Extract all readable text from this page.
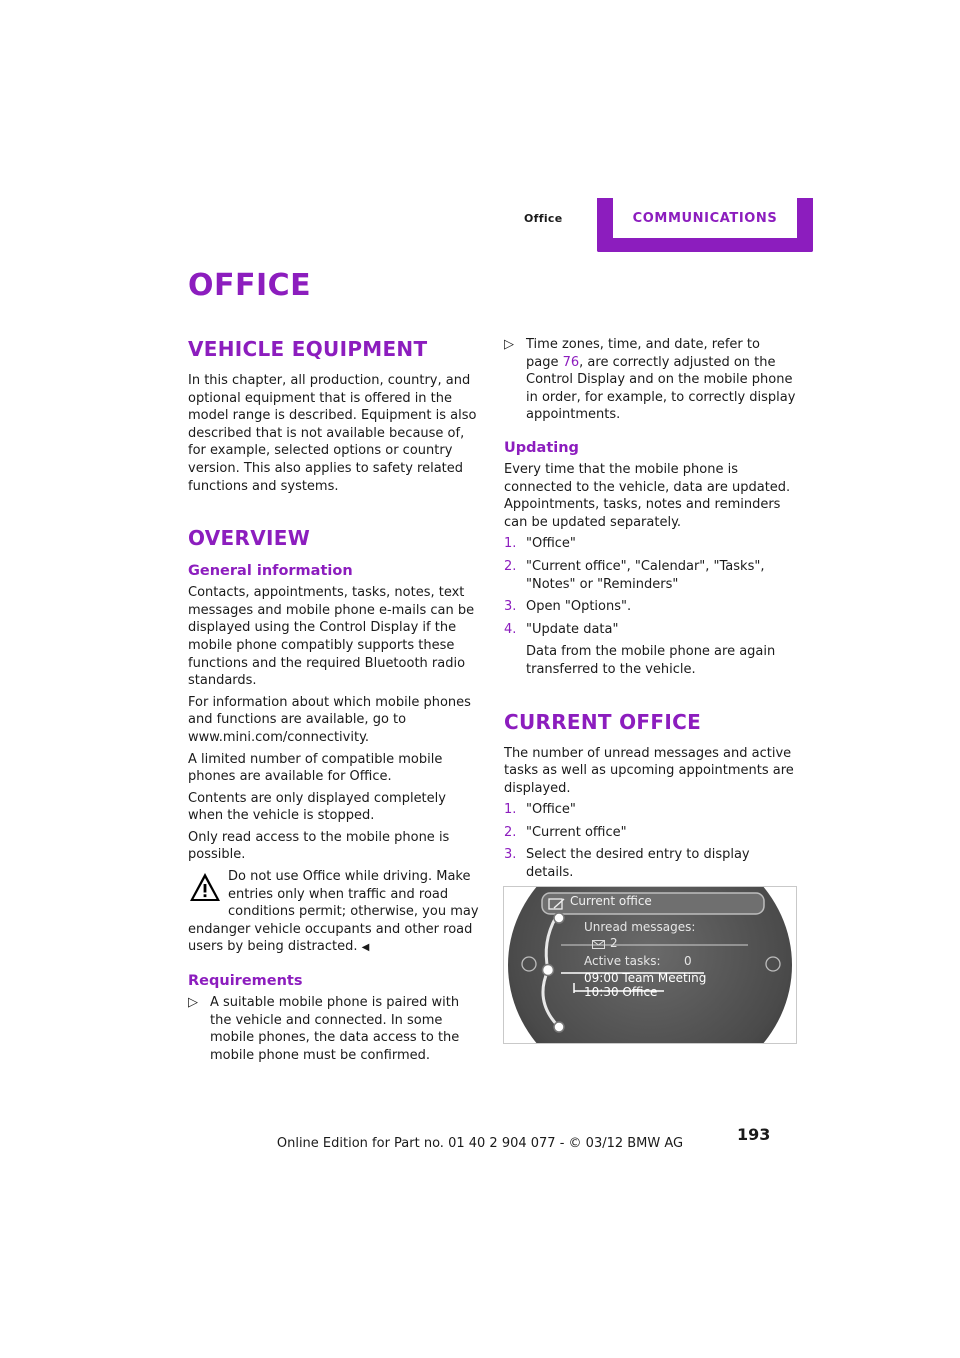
Office	COMMUNICATIONS
OFFICE
VEHICLE EQUIPMENT

In this chapter, all production, country, and optional equipment that is offered in the model range is described. Equipment is also described that is not available because of, for example, selected options or country version. This also applies to safety related functions and systems.

OVERVIEW
General information

Contacts, appointments, tasks, notes, text messages and mobile phone e-mails can be displayed using the Control Display if the mobile phone compatibly supports these functions and the required Bluetooth radio standards.

For information about which mobile phones and functions are available, go to www.mini.com/connectivity.

A limited number of compatible mobile phones are available for Office.

Contents are only displayed completely when the vehicle is stopped.

Only read access to the mobile phone is possible.

Do not use Office while driving. Make entries only when traffic and road conditions permit; otherwise, you may endanger vehicle occupants and other road users by being distracted. ◀
Requirements
▷ A suitable mobile phone is paired with the vehicle and connected. In some mobile phones, the data access to the mobile phone must be confirmed.
▷ Time zones, time, and date, refer to page 76, are correctly adjusted on the Control Display and on the mobile phone in order, for example, to correctly display appointments.
Updating

Every time that the mobile phone is connected to the vehicle, data are updated. Appointments, tasks, notes and reminders can be updated separately.

1. "Office"
2. "Current office", "Calendar", "Tasks", "Notes" or "Reminders"
3. Open "Options".
4. "Update data"
Data from the mobile phone are again transferred to the vehicle.
CURRENT OFFICE

The number of unread messages and active tasks as well as upcoming appointments are displayed.

1. "Office"
2. "Current office"
3. Select the desired entry to display details.
Current office
Unread messages:
2
Active tasks: 0
09:00 Team Meeting
10:30 Office
193
Online Edition for Part no. 01 40 2 904 077 - © 03/12 BMW AG
